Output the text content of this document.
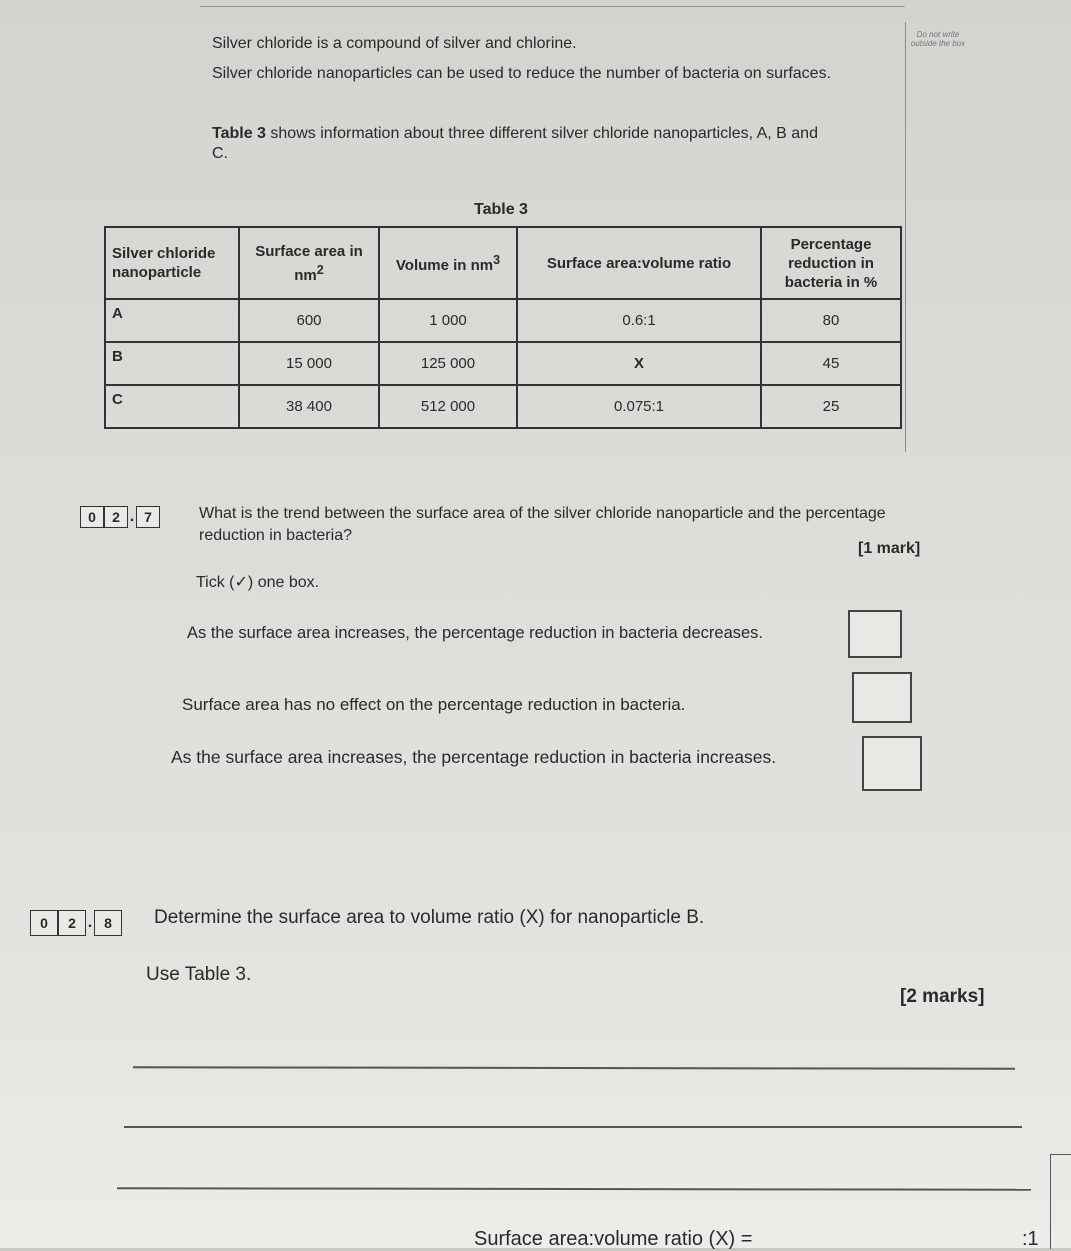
Do not write outside the box

Silver chloride is a compound of silver and chlorine.

Silver chloride nanoparticles can be used to reduce the number of bacteria on surfaces.

Table 3 shows information about three different silver chloride nanoparticles, A, B and C.

Table 3
Silver chloride nanoparticle	Surface area in $nm^2$	Volume in $nm^3$	Surface area:volume ratio	Percentage reduction in bacteria in %
A	600	1 000	0.6:1	80
B	15 000	125 000	X	45
C	38 400	512 000	0.075:1	25
0	2 . 7	What is the trend between the surface area of the silver chloride nanoparticle and the percentage reduction in bacteria?

[1 mark]
Tick (✓) one box.

As the surface area increases, the percentage reduction in bacteria decreases.

Surface area has no effect on the percentage reduction in bacteria.

As the surface area increases, the percentage reduction in bacteria increases.

0	2 . 8	Determine the surface area to volume ratio (X) for nanoparticle B.

Use Table 3.
[2 marks]
Surface area:volume ratio (X) =	:1
